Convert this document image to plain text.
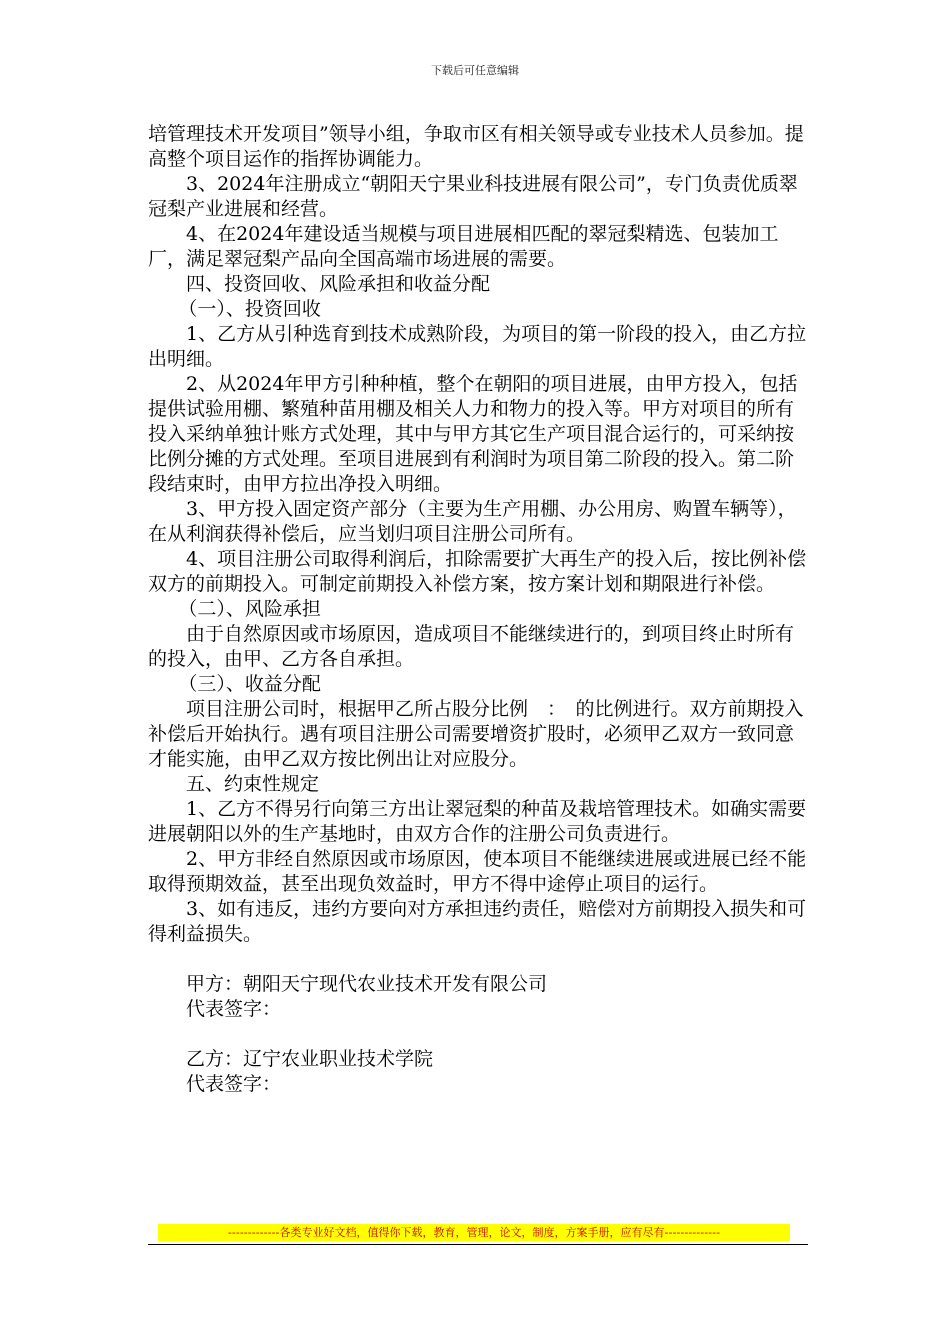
下载后可任意编辑

培管理技术开发项目”领导小组，争取市区有相关领导或专业技术人员参加。提高整个项目运作的指挥协调能力。

3、2024年注册成立“朝阳天宁果业科技进展有限公司”，专门负责优质翠冠梨产业进展和经营。

4、在2024年建设适当规模与项目进展相匹配的翠冠梨精选、包装加工厂，满足翠冠梨产品向全国高端市场进展的需要。

四、投资回收、风险承担和收益分配

（一）、投资回收

1、乙方从引种选育到技术成熟阶段，为项目的第一阶段的投入，由乙方拉出明细。

2、从2024年甲方引种种植，整个在朝阳的项目进展，由甲方投入，包括提供试验用棚、繁殖种苗用棚及相关人力和物力的投入等。甲方对项目的所有投入采纳单独计账方式处理，其中与甲方其它生产项目混合运行的，可采纳按比例分摊的方式处理。至项目进展到有利润时为项目第二阶段的投入。第二阶段结束时，由甲方拉出净投入明细。

3、甲方投入固定资产部分（主要为生产用棚、办公用房、购置车辆等），在从利润获得补偿后，应当划归项目注册公司所有。

4、项目注册公司取得利润后，扣除需要扩大再生产的投入后，按比例补偿双方的前期投入。可制定前期投入补偿方案，按方案计划和期限进行补偿。

（二）、风险承担

由于自然原因或市场原因，造成项目不能继续进行的，到项目终止时所有的投入，由甲、乙方各自承担。

（三）、收益分配

项目注册公司时，根据甲乙所占股分比例　：　的比例进行。双方前期投入补偿后开始执行。遇有项目注册公司需要增资扩股时，必须甲乙双方一致同意才能实施，由甲乙双方按比例出让对应股分。

五、约束性规定

1、乙方不得另行向第三方出让翠冠梨的种苗及栽培管理技术。如确实需要进展朝阳以外的生产基地时，由双方合作的注册公司负责进行。

2、甲方非经自然原因或市场原因，使本项目不能继续进展或进展已经不能取得预期效益，甚至出现负效益时，甲方不得中途停止项目的运行。

3、如有违反，违约方要向对方承担违约责任，赔偿对方前期投入损失和可得利益损失。

甲方：朝阳天宁现代农业技术开发有限公司

代表签字：

乙方：辽宁农业职业技术学院

代表签字：

-------------各类专业好文档，值得你下载，教育，管理，论文，制度，方案手册，应有尽有--------------
